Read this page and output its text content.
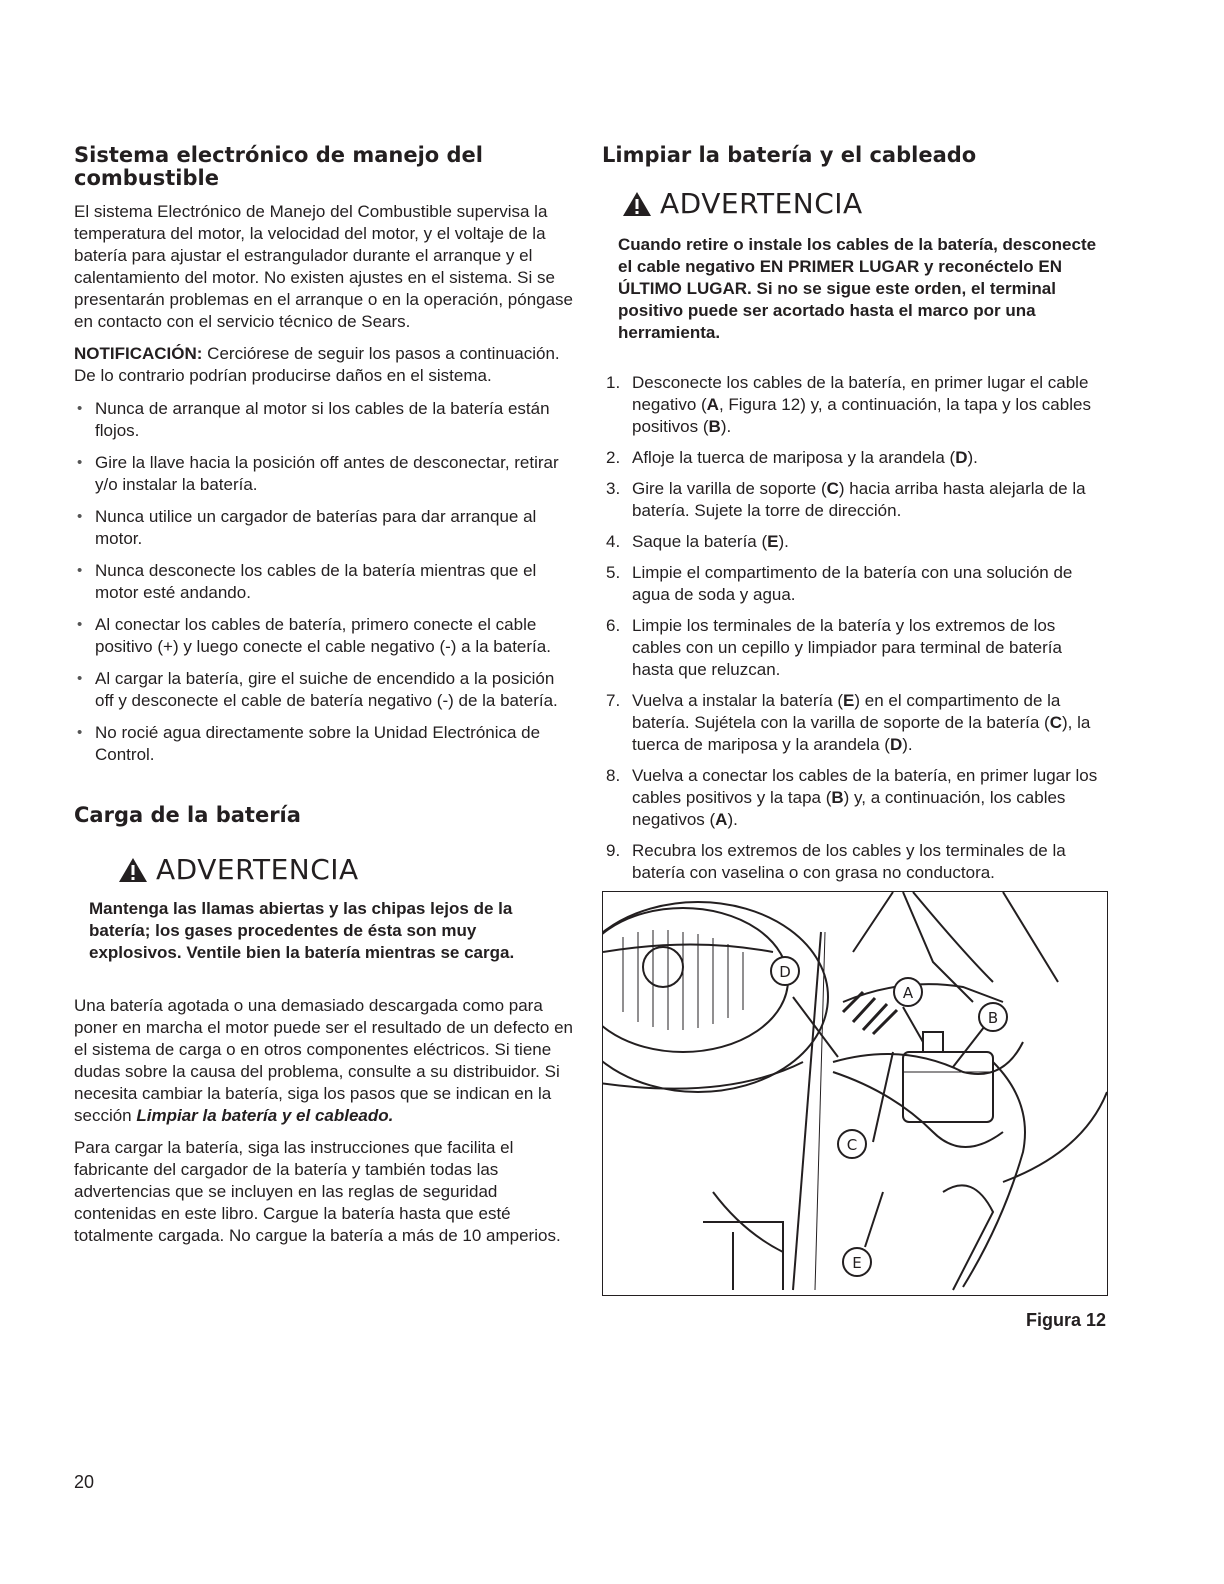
Sistema electrónico de manejo del combustible

El sistema Electrónico de Manejo del Combustible supervisa la temperatura del motor, la velocidad del motor, y el voltaje de la batería para ajustar el estrangulador durante el arranque y el calentamiento del motor. No existen ajustes en el sistema. Si se presentarán problemas en el arranque o en la operación, póngase en contacto con el servicio técnico de Sears.

NOTIFICACIÓN: Cerciórese de seguir los pasos a continuación. De lo contrario podrían producirse daños en el sistema.

• Nunca de arranque al motor si los cables de la batería están flojos.
• Gire la llave hacia la posición off antes de desconectar, retirar y/o instalar la batería.
• Nunca utilice un cargador de baterías para dar arranque al motor.
• Nunca desconecte los cables de la batería mientras que el motor esté andando.
• Al conectar los cables de batería, primero conecte el cable positivo (+) y luego conecte el cable negativo (-) a la batería.
• Al cargar la batería, gire el suiche de encendido a la posición off y desconecte el cable de batería negativo (-) de la batería.
• No rocié agua directamente sobre la Unidad Electrónica de Control.
Carga de la batería
ADVERTENCIA

Mantenga las llamas abiertas y las chipas lejos de la batería; los gases procedentes de ésta son muy explosivos. Ventile bien la batería mientras se carga.

Una batería agotada o una demasiado descargada como para poner en marcha el motor puede ser el resultado de un defecto en el sistema de carga o en otros componentes eléctricos. Si tiene dudas sobre la causa del problema, consulte a su distribuidor. Si necesita cambiar la batería, siga los pasos que se indican en la sección Limpiar la batería y el cableado.

Para cargar la batería, siga las instrucciones que facilita el fabricante del cargador de la batería y también todas las advertencias que se incluyen en las reglas de seguridad contenidas en este libro. Cargue la batería hasta que esté totalmente cargada. No cargue la batería a más de 10 amperios.

Limpiar la batería y el cableado
ADVERTENCIA

Cuando retire o instale los cables de la batería, desconecte el cable negativo EN PRIMER LUGAR y reconéctelo EN ÚLTIMO LUGAR. Si no se sigue este orden, el terminal positivo puede ser acortado hasta el marco por una herramienta.

1. Desconecte los cables de la batería, en primer lugar el cable negativo (A, Figura 12) y, a continuación, la tapa y los cables positivos (B).
2. Afloje la tuerca de mariposa y la arandela (D).
3. Gire la varilla de soporte (C) hacia arriba hasta alejarla de la batería. Sujete la torre de dirección.
4. Saque la batería (E).
5. Limpie el compartimento de la batería con una solución de agua de soda y agua.
6. Limpie los terminales de la batería y los extremos de los cables con un cepillo y limpiador para terminal de batería hasta que reluzcan.
7. Vuelva a instalar la batería (E) en el compartimento de la batería. Sujétela con la varilla de soporte de la batería (C), la tuerca de mariposa y la arandela (D).
8. Vuelva a conectar los cables de la batería, en primer lugar los cables positivos y la tapa (B) y, a continuación, los cables negativos (A).
9. Recubra los extremos de los cables y los terminales de la batería con vaselina o con grasa no conductora.
A
B
C
D
E
Figura 12
20
